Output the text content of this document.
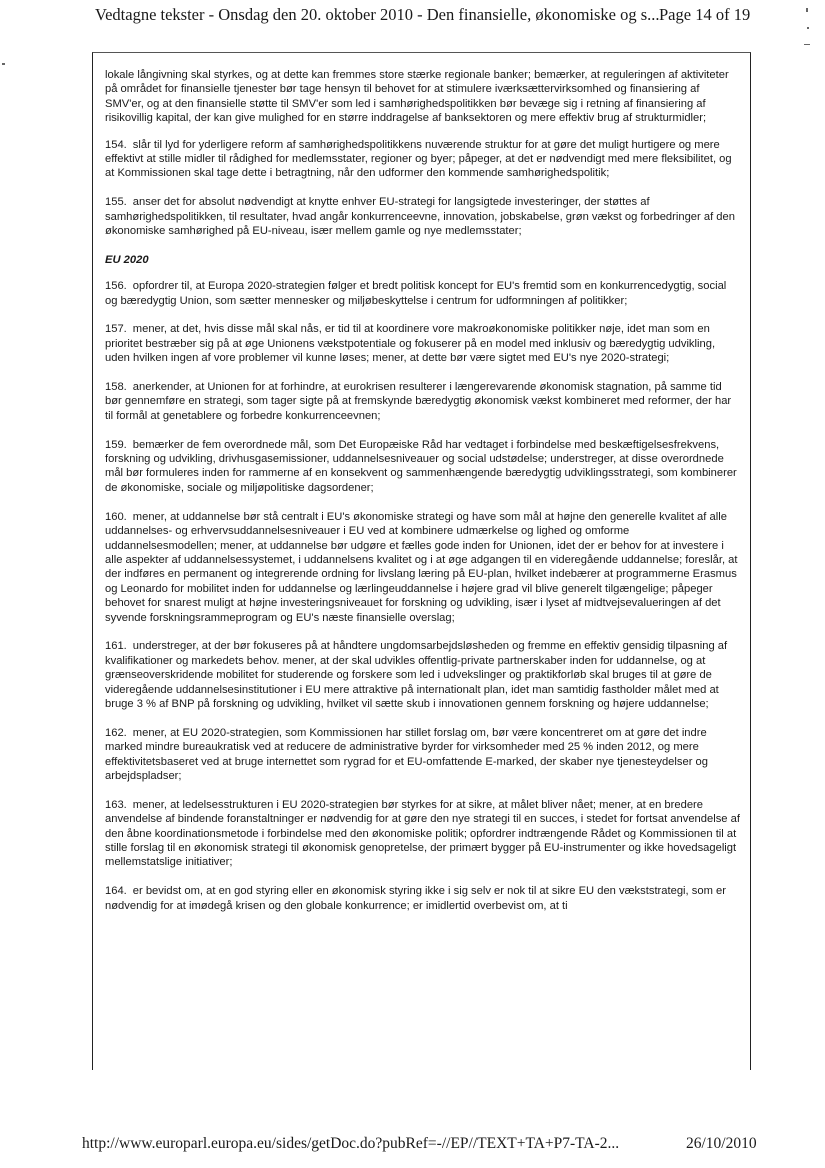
Vedtagne tekster - Onsdag den 20. oktober 2010 - Den finansielle, økonomiske og s... Page 14 of 19

lokale långivning skal styrkes, og at dette kan fremmes store stærke regionale banker; bemærker, at reguleringen af aktiviteter på området for finansielle tjenester bør tage hensyn til behovet for at stimulere iværksættervirksomhed og finansiering af SMV'er, og at den finansielle støtte til SMV'er som led i samhørighedspolitikken bør bevæge sig i retning af finansiering af risikovillig kapital, der kan give mulighed for en større inddragelse af banksektoren og mere effektiv brug af strukturmidler;

154. slår til lyd for yderligere reform af samhørighedspolitikkens nuværende struktur for at gøre det muligt hurtigere og mere effektivt at stille midler til rådighed for medlemsstater, regioner og byer; påpeger, at det er nødvendigt med mere fleksibilitet, og at Kommissionen skal tage dette i betragtning, når den udformer den kommende samhørighedspolitik;

155. anser det for absolut nødvendigt at knytte enhver EU-strategi for langsigtede investeringer, der støttes af samhørighedspolitikken, til resultater, hvad angår konkurrenceevne, innovation, jobskabelse, grøn vækst og forbedringer af den økonomiske samhørighed på EU-niveau, især mellem gamle og nye medlemsstater;

EU 2020

156. opfordrer til, at Europa 2020-strategien følger et bredt politisk koncept for EU's fremtid som en konkurrencedygtig, social og bæredygtig Union, som sætter mennesker og miljøbeskyttelse i centrum for udformningen af politikker;

157. mener, at det, hvis disse mål skal nås, er tid til at koordinere vore makroøkonomiske politikker nøje, idet man som en prioritet bestræber sig på at øge Unionens vækstpotentiale og fokuserer på en model med inklusiv og bæredygtig udvikling, uden hvilken ingen af vore problemer vil kunne løses; mener, at dette bør være sigtet med EU's nye 2020-strategi;

158. anerkender, at Unionen for at forhindre, at eurokrisen resulterer i længerevarende økonomisk stagnation, på samme tid bør gennemføre en strategi, som tager sigte på at fremskynde bæredygtig økonomisk vækst kombineret med reformer, der har til formål at genetablere og forbedre konkurrenceevnen;

159. bemærker de fem overordnede mål, som Det Europæiske Råd har vedtaget i forbindelse med beskæftigelsesfrekvens, forskning og udvikling, drivhusgasemissioner, uddannelsesniveauer og social udstødelse; understreger, at disse overordnede mål bør formuleres inden for rammerne af en konsekvent og sammenhængende bæredygtig udviklingsstrategi, som kombinerer de økonomiske, sociale og miljøpolitiske dagsordener;

160. mener, at uddannelse bør stå centralt i EU's økonomiske strategi og have som mål at højne den generelle kvalitet af alle uddannelses- og erhvervsuddannelsesniveauer i EU ved at kombinere udmærkelse og lighed og omforme uddannelsesmodellen; mener, at uddannelse bør udgøre et fælles gode inden for Unionen, idet der er behov for at investere i alle aspekter af uddannelsessystemet, i uddannelsens kvalitet og i at øge adgangen til en videregående uddannelse; foreslår, at der indføres en permanent og integrerende ordning for livslang læring på EU-plan, hvilket indebærer at programmerne Erasmus og Leonardo for mobilitet inden for uddannelse og lærlingeuddannelse i højere grad vil blive generelt tilgængelige; påpeger behovet for snarest muligt at højne investeringsniveauet for forskning og udvikling, især i lyset af midtvejsevalueringen af det syvende forskningsrammeprogram og EU's næste finansielle overslag;

161. understreger, at der bør fokuseres på at håndtere ungdomsarbejdsløsheden og fremme en effektiv gensidig tilpasning af kvalifikationer og markedets behov. mener, at der skal udvikles offentlig-private partnerskaber inden for uddannelse, og at grænseoverskridende mobilitet for studerende og forskere som led i udvekslinger og praktikforløb skal bruges til at gøre de videregående uddannelsesinstitutioner i EU mere attraktive på internationalt plan, idet man samtidig fastholder målet med at bruge 3 % af BNP på forskning og udvikling, hvilket vil sætte skub i innovationen gennem forskning og højere uddannelse;

162. mener, at EU 2020-strategien, som Kommissionen har stillet forslag om, bør være koncentreret om at gøre det indre marked mindre bureaukratisk ved at reducere de administrative byrder for virksomheder med 25 % inden 2012, og mere effektivitetsbaseret ved at bruge internettet som rygrad for et EU-omfattende E-marked, der skaber nye tjenesteydelser og arbejdspladser;

163. mener, at ledelsesstrukturen i EU 2020-strategien bør styrkes for at sikre, at målet bliver nået; mener, at en bredere anvendelse af bindende foranstaltninger er nødvendig for at gøre den nye strategi til en succes, i stedet for fortsat anvendelse af den åbne koordinationsmetode i forbindelse med den økonomiske politik; opfordrer indtrængende Rådet og Kommissionen til at stille forslag til en økonomisk strategi til økonomisk genopretelse, der primært bygger på EU-instrumenter og ikke hovedsageligt mellemstatslige initiativer;

164. er bevidst om, at en god styring eller en økonomisk styring ikke i sig selv er nok til at sikre EU den vækststrategi, som er nødvendig for at imødegå krisen og den globale konkurrence; er imidlertid overbevist om, at ti

http://www.europarl.europa.eu/sides/getDoc.do?pubRef=-//EP//TEXT+TA+P7-TA-2...	26/10/2010
